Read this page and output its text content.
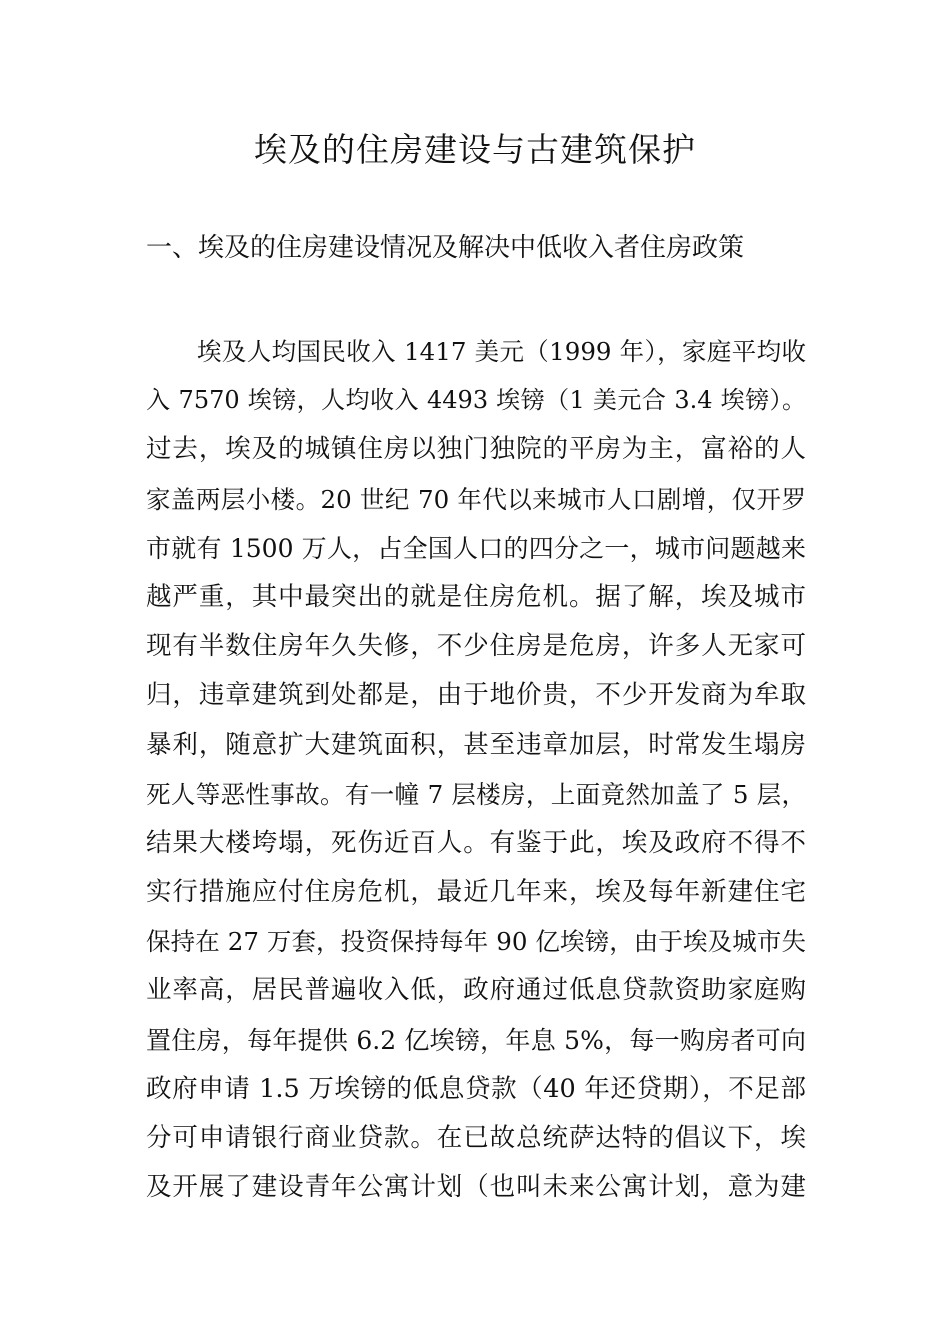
埃及的住房建设与古建筑保护
一、埃及的住房建设情况及解决中低收入者住房政策
埃及人均国民收入 1417 美元（1999 年），家庭平均收
入 7570 埃镑，人均收入 4493 埃镑（1 美元合 3.4 埃镑）。
过去，埃及的城镇住房以独门独院的平房为主，富裕的人
家盖两层小楼。20 世纪 70 年代以来城市人口剧增，仅开罗
市就有 1500 万人，占全国人口的四分之一，城市问题越来
越严重，其中最突出的就是住房危机。据了解，埃及城市
现有半数住房年久失修，不少住房是危房，许多人无家可
归，违章建筑到处都是，由于地价贵，不少开发商为牟取
暴利，随意扩大建筑面积，甚至违章加层，时常发生塌房
死人等恶性事故。有一幢 7 层楼房，上面竟然加盖了 5 层，
结果大楼垮塌，死伤近百人。有鉴于此，埃及政府不得不
实行措施应付住房危机，最近几年来，埃及每年新建住宅
保持在 27 万套，投资保持每年 90 亿埃镑，由于埃及城市失
业率高，居民普遍收入低，政府通过低息贷款资助家庭购
置住房，每年提供 6.2 亿埃镑，年息 5%，每一购房者可向
政府申请 1.5 万埃镑的低息贷款（40 年还贷期），不足部
分可申请银行商业贷款。在已故总统萨达特的倡议下，埃
及开展了建设青年公寓计划（也叫未来公寓计划，意为建
